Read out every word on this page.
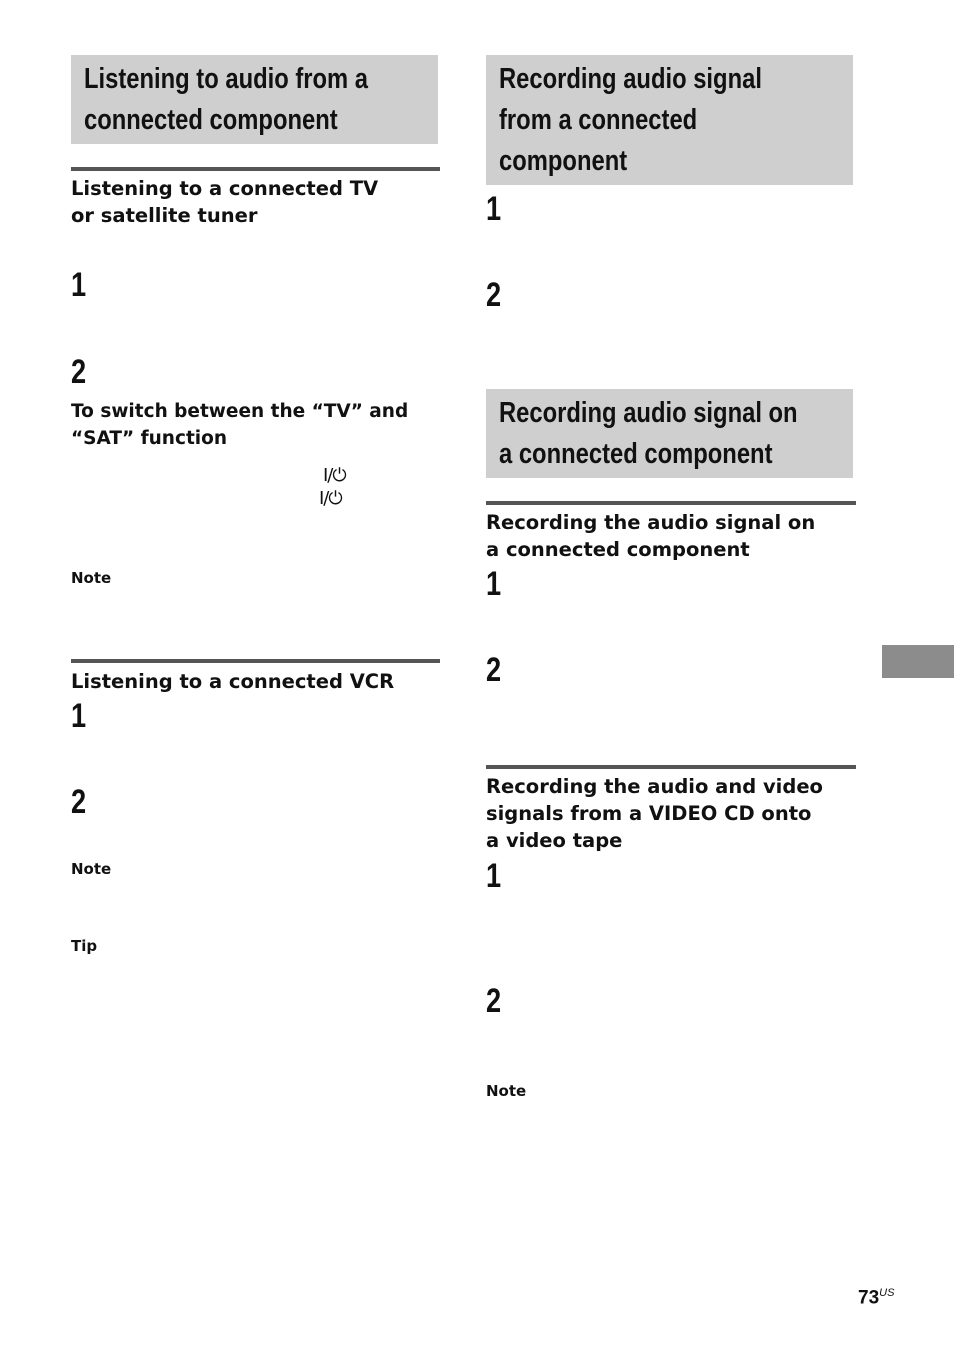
Listening to audio from a
connected component
Listening to a connected TV
or satellite tuner
1
2
To switch between the “TV” and
“SAT” function
I/⏻
I/⏻
Note
Listening to a connected VCR
1
2
Note
Tip
Recording audio signal
from a connected
component
1
2
Recording audio signal on
a connected component
Recording the audio signal on
a connected component
1
2
Recording the audio and video
signals from a VIDEO CD onto
a video tape
1
2
Note
$73^{US}$
